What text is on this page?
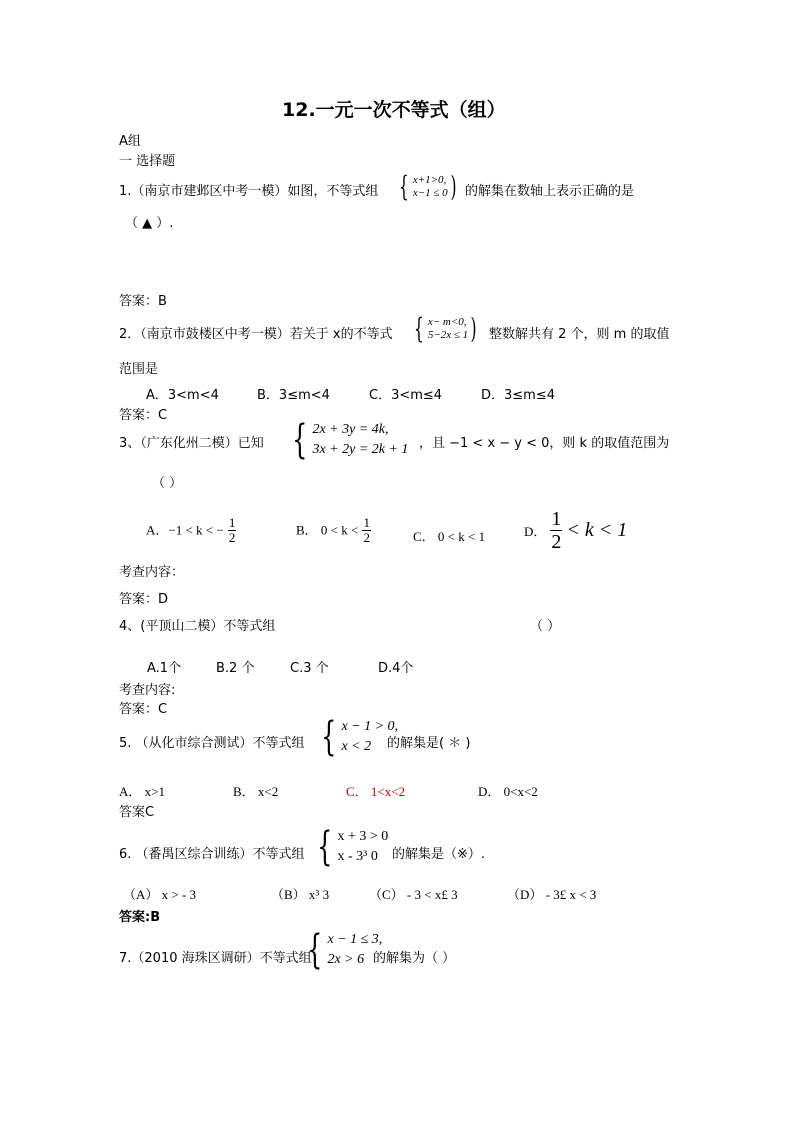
12.一元一次不等式（组）
A组
一 选择题
1.（南京市建邺区中考一模）如图，不等式组 { x+1>0,
x−1 ≤ 0 ) 的解集在数轴上表示正确的是
（ ▲ ）.
答案：B
2．（南京市鼓楼区中考一模）若关于 x的不等式 { x− m<0,
5−2x ≤ 1 ) 整数解共有 2 个，则 m 的取值
范围是
A．3<m<4	B．3≤m<4	C．3<m≤4	D．3≤m≤4
答案：C
3、（广东化州二模）已知 { 2x + 3y = 4k,
3x + 2y = 2k + 1 ，且 −1 < x − y < 0，则 k 的取值范围为
（ ）
A．−1 < k < − $\frac{1}{2}$	B． $0 < k < \frac{1}{2}$	C． 0 < k < 1	D． $\frac{1}{2} < k < 1$
考查内容：
答案：D
4、(平顶山二模）不等式组	（ ）
A.1个	B.2 个	C.3 个	D.4个
考查内容:
答案：C
5. （从化市综合测试）不等式组 { x − 1 > 0,
x < 2	的解集是( ＊ )
A． x>1	B． x<2	C． 1<x<2	D． 0<x<2
答案C
6. （番禺区综合训练）不等式组 { x + 3 > 0
x - 3³ 0	的解集是（※）.
（A） x > - 3	（B） x³ 3	（C） - 3 < x£ 3	（D） - 3£ x < 3
答案:B
7.（2010 海珠区调研）不等式组
{ x − 1 ≤ 3,
2x > 6 的解集为（ ）
